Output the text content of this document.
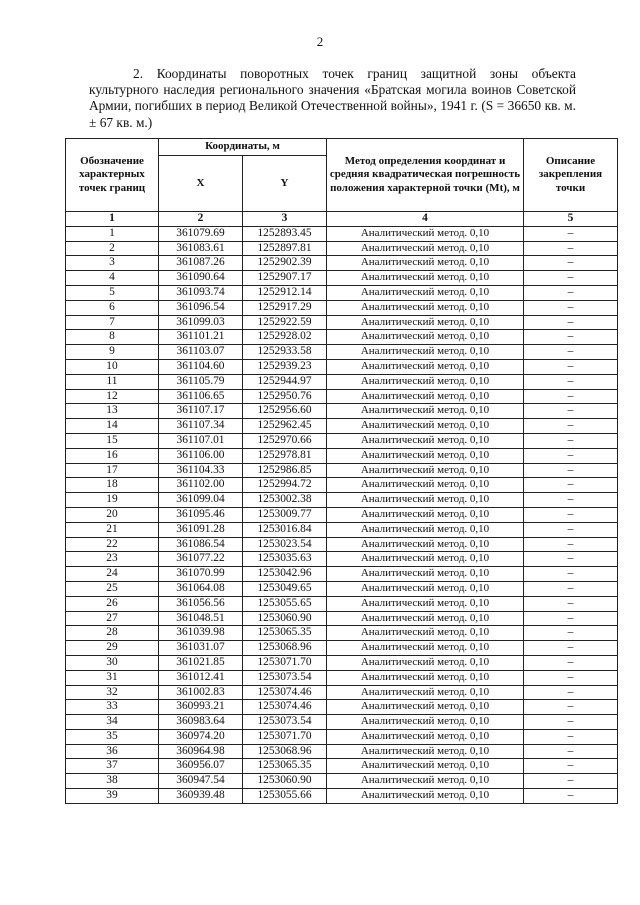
2
2. Координаты поворотных точек границ защитной зоны объекта культурного наследия регионального значения «Братская могила воинов Советской Армии, погибших в период Великой Отечественной войны», 1941 г. (S = 36650 кв. м. ± 67 кв. м.)
Обозначение характерных точек границ	Координаты, м		Метод определения координат и средняя квадратическая погрешность положения характерной точки (Mt), м	Описание закрепления точки
	X	Y		
1	2	3	4	5
1	361079.69	1252893.45	Аналитический метод. 0,10	–
2	361083.61	1252897.81	Аналитический метод. 0,10	–
3	361087.26	1252902.39	Аналитический метод. 0,10	–
4	361090.64	1252907.17	Аналитический метод. 0,10	–
5	361093.74	1252912.14	Аналитический метод. 0,10	–
6	361096.54	1252917.29	Аналитический метод. 0,10	–
7	361099.03	1252922.59	Аналитический метод. 0,10	–
8	361101.21	1252928.02	Аналитический метод. 0,10	–
9	361103.07	1252933.58	Аналитический метод. 0,10	–
10	361104.60	1252939.23	Аналитический метод. 0,10	–
11	361105.79	1252944.97	Аналитический метод. 0,10	–
12	361106.65	1252950.76	Аналитический метод. 0,10	–
13	361107.17	1252956.60	Аналитический метод. 0,10	–
14	361107.34	1252962.45	Аналитический метод. 0,10	–
15	361107.01	1252970.66	Аналитический метод. 0,10	–
16	361106.00	1252978.81	Аналитический метод. 0,10	–
17	361104.33	1252986.85	Аналитический метод. 0,10	–
18	361102.00	1252994.72	Аналитический метод. 0,10	–
19	361099.04	1253002.38	Аналитический метод. 0,10	–
20	361095.46	1253009.77	Аналитический метод. 0,10	–
21	361091.28	1253016.84	Аналитический метод. 0,10	–
22	361086.54	1253023.54	Аналитический метод. 0,10	–
23	361077.22	1253035.63	Аналитический метод. 0,10	–
24	361070.99	1253042.96	Аналитический метод. 0,10	–
25	361064.08	1253049.65	Аналитический метод. 0,10	–
26	361056.56	1253055.65	Аналитический метод. 0,10	–
27	361048.51	1253060.90	Аналитический метод. 0,10	–
28	361039.98	1253065.35	Аналитический метод. 0,10	–
29	361031.07	1253068.96	Аналитический метод. 0,10	–
30	361021.85	1253071.70	Аналитический метод. 0,10	–
31	361012.41	1253073.54	Аналитический метод. 0,10	–
32	361002.83	1253074.46	Аналитический метод. 0,10	–
33	360993.21	1253074.46	Аналитический метод. 0,10	–
34	360983.64	1253073.54	Аналитический метод. 0,10	–
35	360974.20	1253071.70	Аналитический метод. 0,10	–
36	360964.98	1253068.96	Аналитический метод. 0,10	–
37	360956.07	1253065.35	Аналитический метод. 0,10	–
38	360947.54	1253060.90	Аналитический метод. 0,10	–
39	360939.48	1253055.66	Аналитический метод. 0,10	–
